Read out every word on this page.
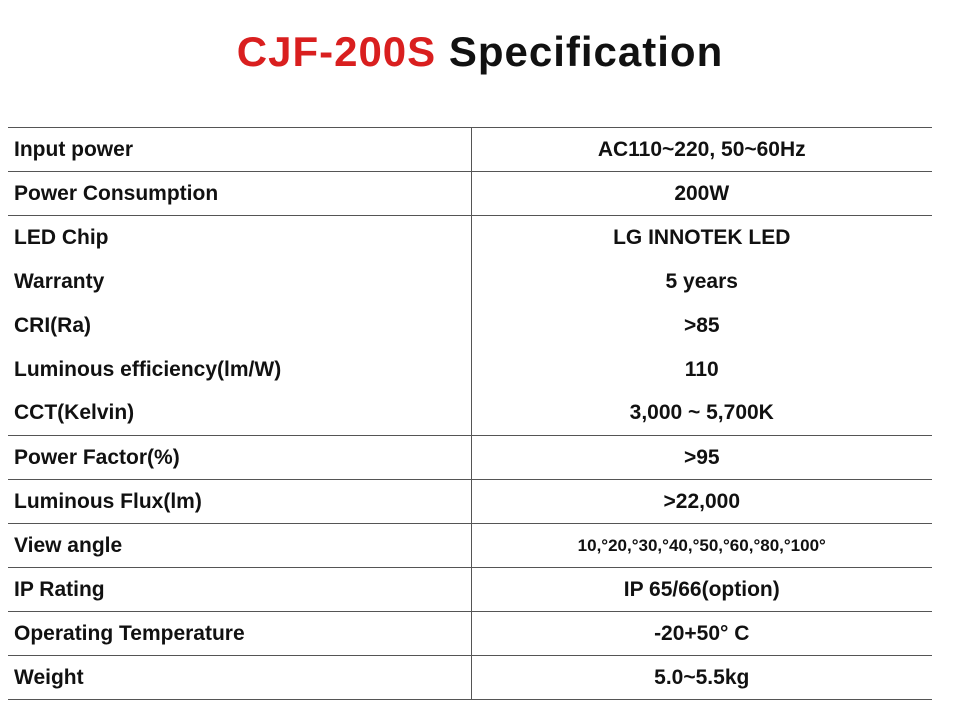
CJF-200S Specification
Input power	AC110~220, 50~60Hz
Power Consumption	200W
LED Chip	LG INNOTEK LED
Warranty	5 years
CRI(Ra)	>85
Luminous efficiency(lm/W)	110
CCT(Kelvin)	3,000 ~ 5,700K
Power Factor(%)	>95
Luminous Flux(lm)	>22,000
View angle	10,°20,°30,°40,°50,°60,°80,°100°
IP Rating	IP 65/66(option)
Operating Temperature	-20+50° C
Weight	5.0~5.5kg
